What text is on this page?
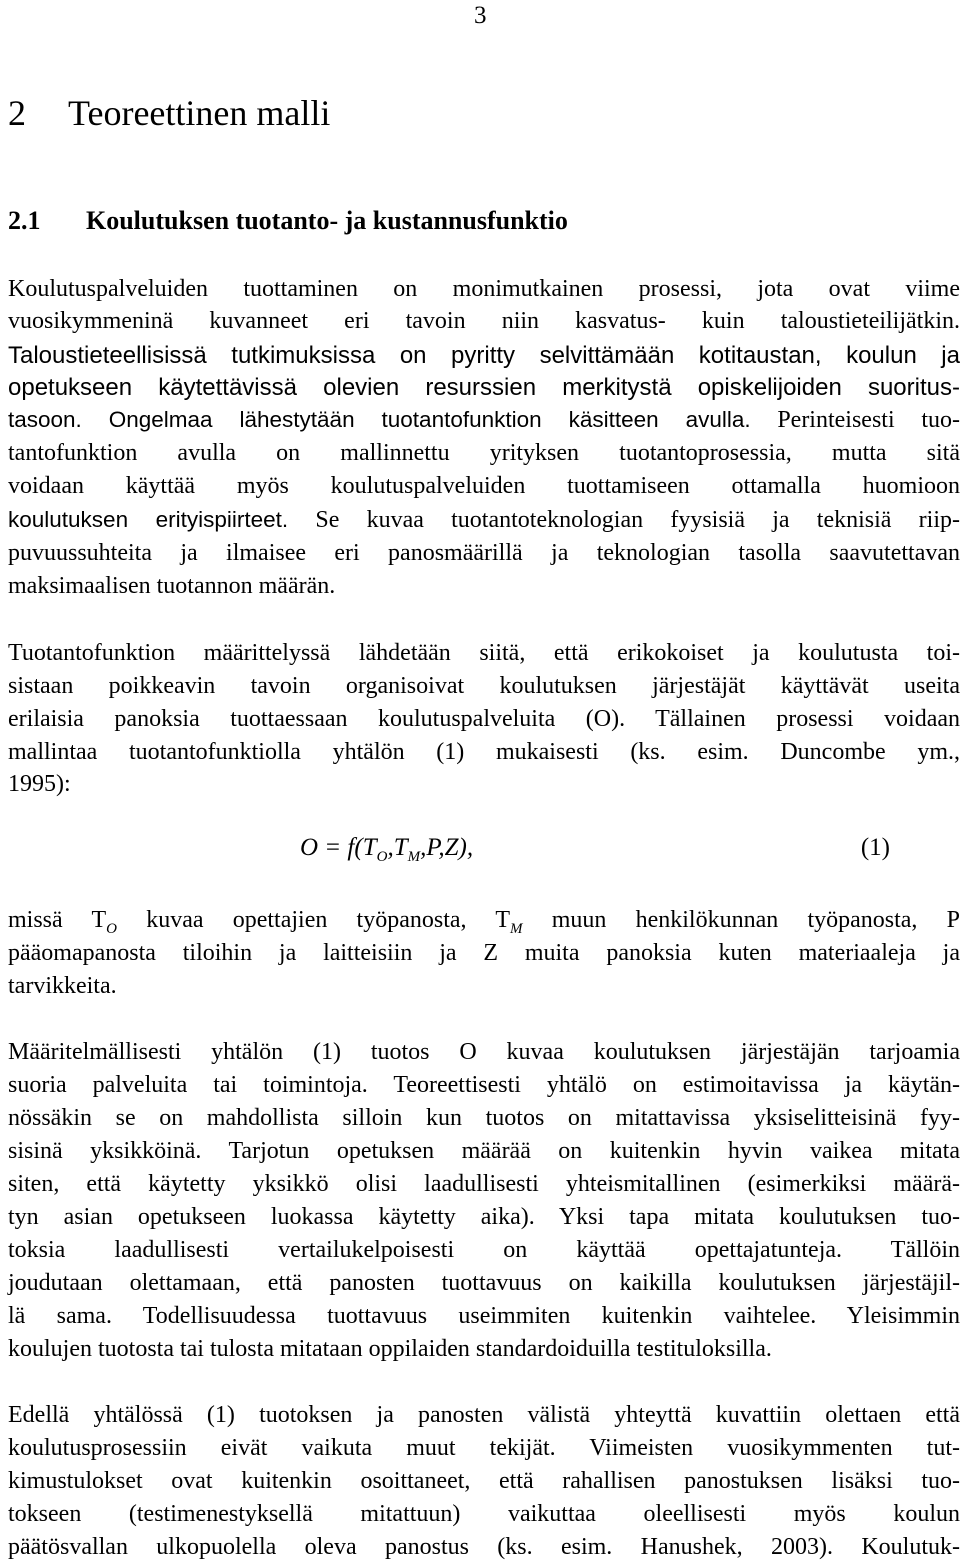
3
2 Teoreettinen malli
2.1 Koulutuksen tuotanto- ja kustannusfunktio

Koulutuspalveluiden tuottaminen on monimutkainen prosessi, jota ovat viime

vuosikymmeninä kuvanneet eri tavoin niin kasvatus- kuin taloustieteilijätkin.

Taloustieteellisissä tutkimuksissa on pyritty selvittämään kotitaustan, koulun ja

opetukseen käytettävissä olevien resurssien merkitystä opiskelijoiden suoritus-

tasoon. Ongelmaa lähestytään tuotantofunktion käsitteen avulla. Perinteisesti tuo-

tantofunktion avulla on mallinnettu yrityksen tuotantoprosessia, mutta sitä

voidaan käyttää myös koulutuspalveluiden tuottamiseen ottamalla huomioon

koulutuksen erityispiirteet. Se kuvaa tuotantoteknologian fyysisiä ja teknisiä riip-

puvuussuhteita ja ilmaisee eri panosmäärillä ja teknologian tasolla saavutettavan

maksimaalisen tuotannon määrän.

Tuotantofunktion määrittelyssä lähdetään siitä, että erikokoiset ja koulutusta toi-

sistaan poikkeavin tavoin organisoivat koulutuksen järjestäjät käyttävät useita

erilaisia panoksia tuottaessaan koulutuspalveluita (O). Tällainen prosessi voidaan

mallintaa tuotantofunktiolla yhtälön (1) mukaisesti (ks. esim. Duncombe ym.,

1995):

$O = f(T_O,T_M,P,Z)$,	(1)

missä $T_O$ kuvaa opettajien työpanosta, $T_M$ muun henkilökunnan työpanosta, P

pääomapanosta tiloihin ja laitteisiin ja Z muita panoksia kuten materiaaleja ja

tarvikkeita.

Määritelmällisesti yhtälön (1) tuotos O kuvaa koulutuksen järjestäjän tarjoamia

suoria palveluita tai toimintoja. Teoreettisesti yhtälö on estimoitavissa ja käytän-

nössäkin se on mahdollista silloin kun tuotos on mitattavissa yksiselitteisinä fyy-

sisinä yksikköinä. Tarjotun opetuksen määrää on kuitenkin hyvin vaikea mitata

siten, että käytetty yksikkö olisi laadullisesti yhteismitallinen (esimerkiksi määrä-

tyn asian opetukseen luokassa käytetty aika). Yksi tapa mitata koulutuksen tuo-

toksia laadullisesti vertailukelpoisesti on käyttää opettajatunteja. Tällöin

joudutaan olettamaan, että panosten tuottavuus on kaikilla koulutuksen järjestäjil-

lä sama. Todellisuudessa tuottavuus useimmiten kuitenkin vaihtelee. Yleisimmin

koulujen tuotosta tai tulosta mitataan oppilaiden standardoiduilla testituloksilla.

Edellä yhtälössä (1) tuotoksen ja panosten välistä yhteyttä kuvattiin olettaen että

koulutusprosessiin eivät vaikuta muut tekijät. Viimeisten vuosikymmenten tut-

kimustulokset ovat kuitenkin osoittaneet, että rahallisen panostuksen lisäksi tuo-

tokseen (testimenestyksellä mitattuun) vaikuttaa oleellisesti myös koulun

päätösvallan ulkopuolella oleva panostus (ks. esim. Hanushek, 2003). Koulutuk-
